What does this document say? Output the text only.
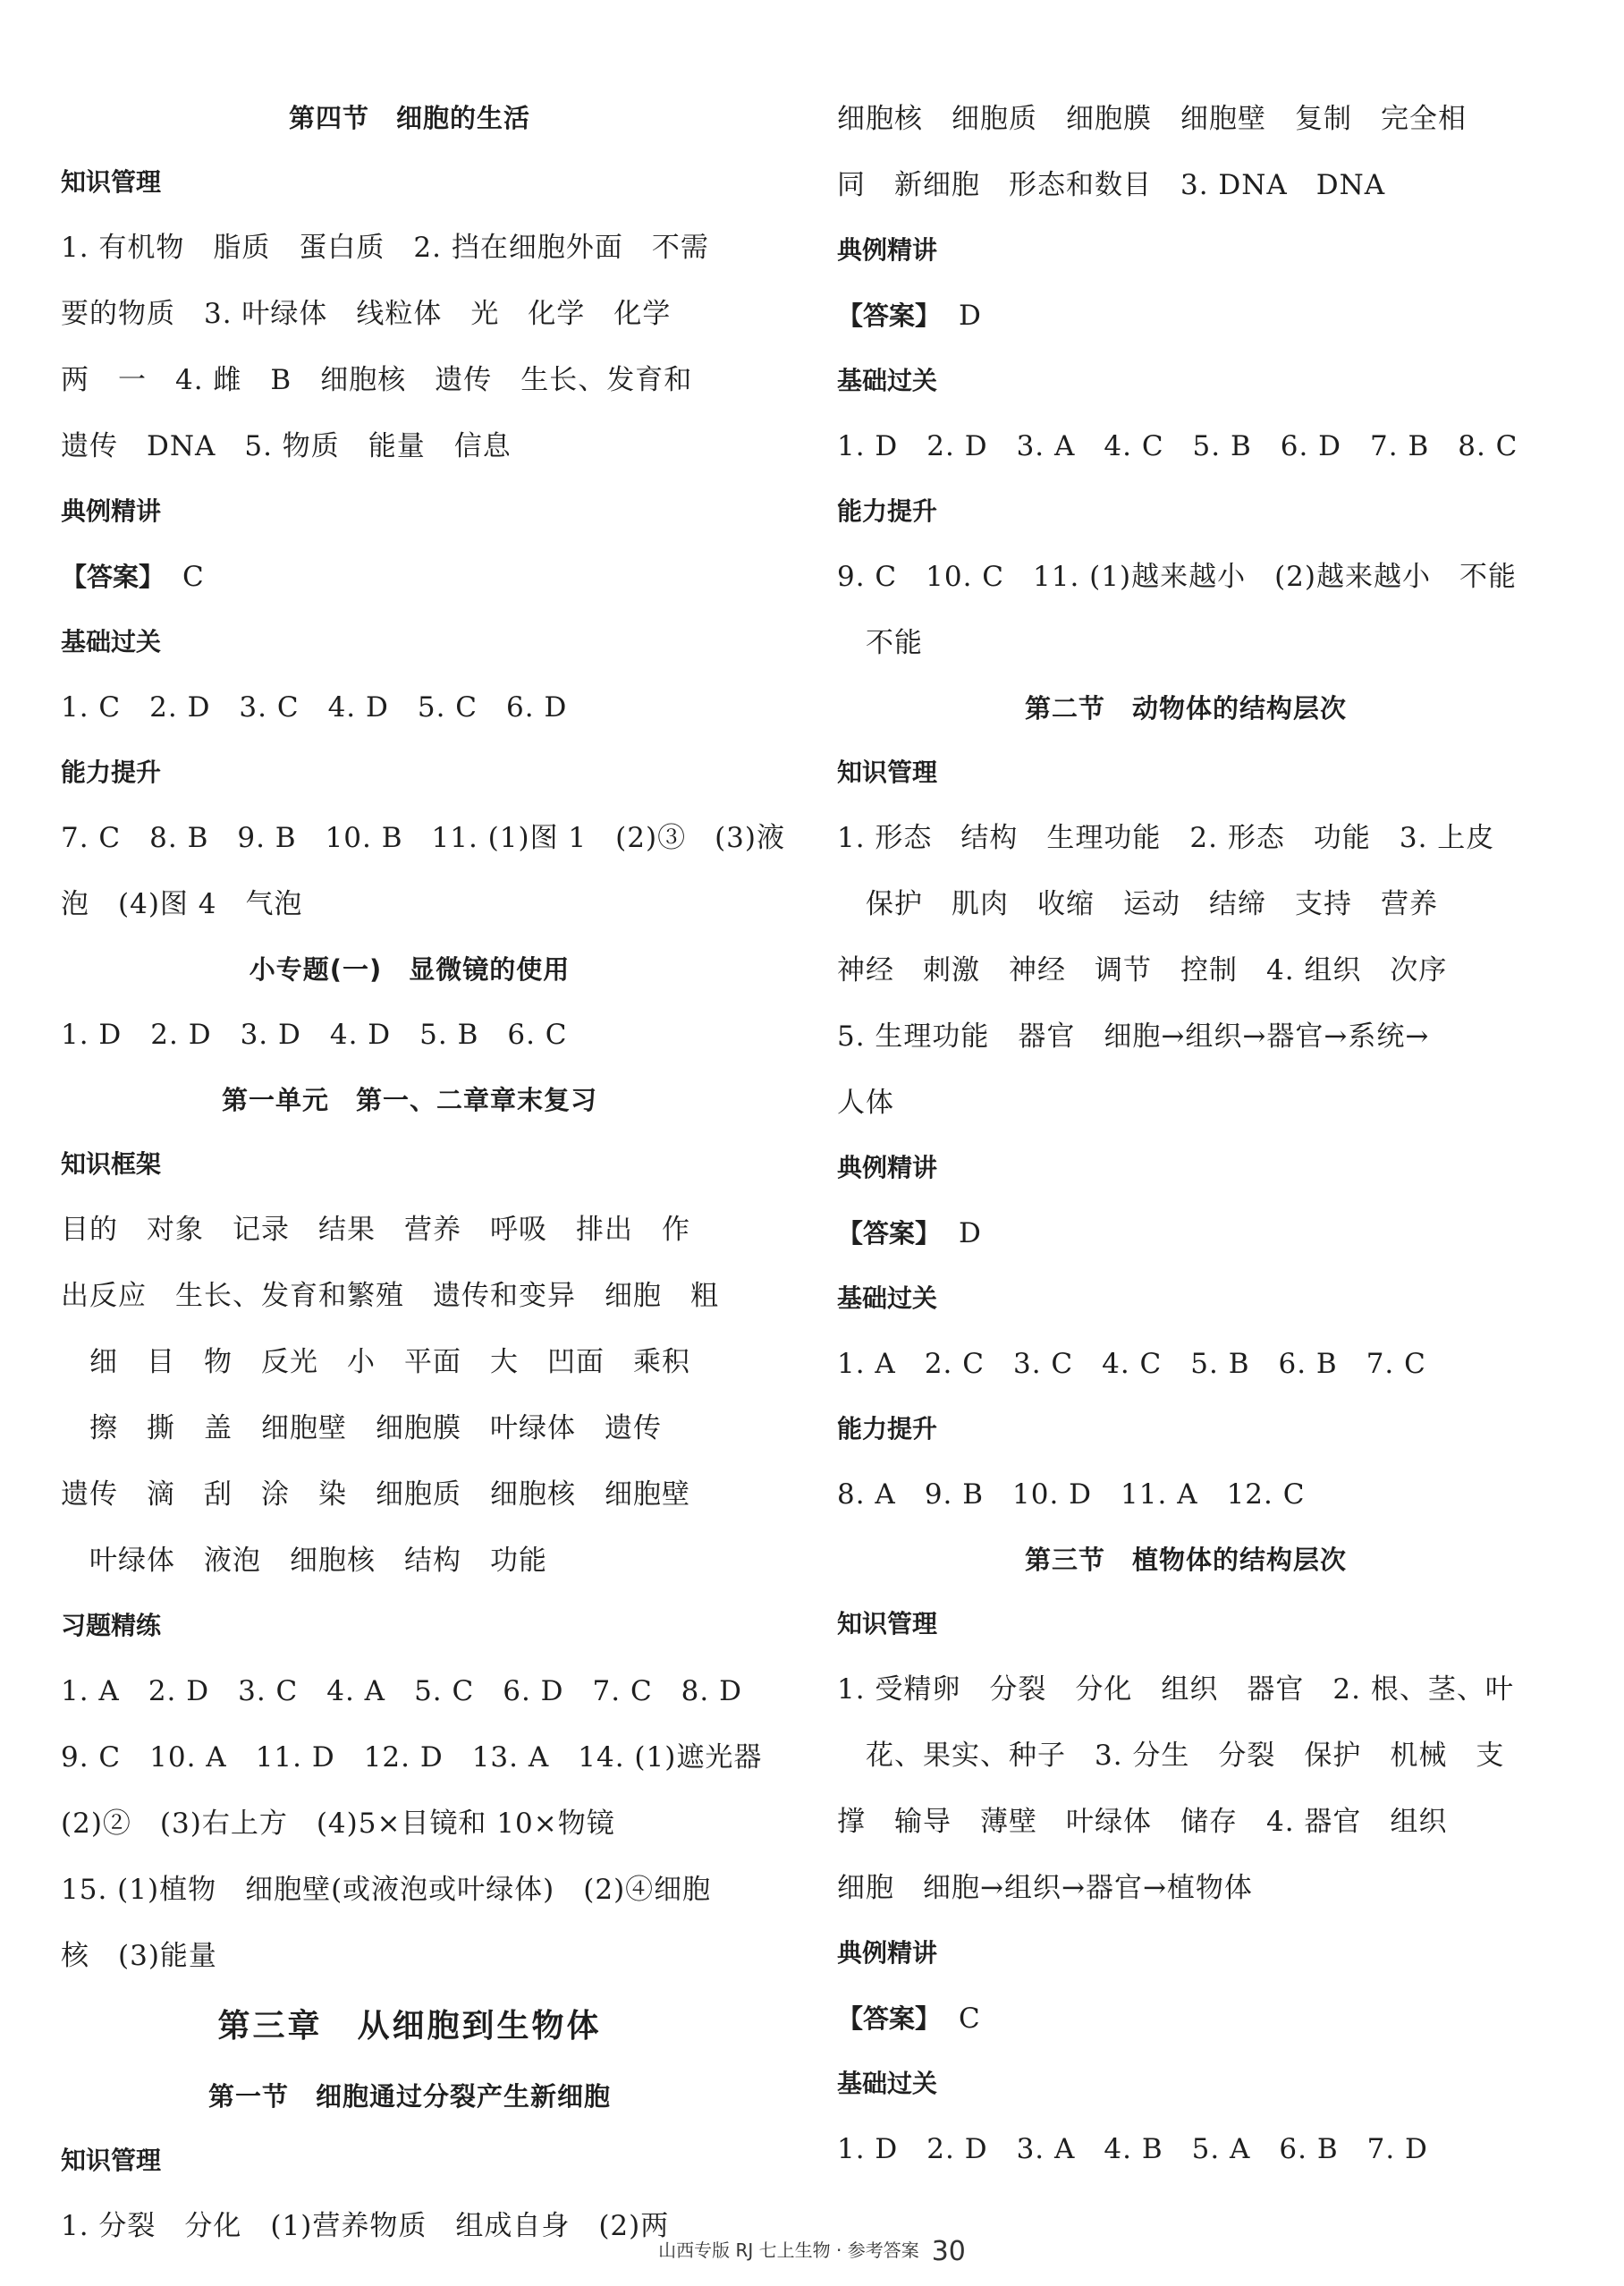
第四节　细胞的生活
知识管理
1. 有机物　脂质　蛋白质　2. 挡在细胞外面　不需
要的物质　3. 叶绿体　线粒体　光　化学　化学
两　一　4. 雌　B　细胞核　遗传　生长、发育和
遗传　DNA　5. 物质　能量　信息
典例精讲
【答案】 C
基础过关
1. C　2. D　3. C　4. D　5. C　6. D
能力提升
7. C　8. B　9. B　10. B　11. (1)图 1　(2)③　(3)液
泡　(4)图 4　气泡
小专题(一)　显微镜的使用
1. D　2. D　3. D　4. D　5. B　6. C
第一单元　第一、二章章末复习
知识框架
目的　对象　记录　结果　营养　呼吸　排出　作
出反应　生长、发育和繁殖　遗传和变异　细胞　粗
　细　目　物　反光　小　平面　大　凹面　乘积
　擦　撕　盖　细胞壁　细胞膜　叶绿体　遗传
遗传　滴　刮　涂　染　细胞质　细胞核　细胞壁
　叶绿体　液泡　细胞核　结构　功能
习题精练
1. A　2. D　3. C　4. A　5. C　6. D　7. C　8. D
9. C　10. A　11. D　12. D　13. A　14. (1)遮光器
(2)②　(3)右上方　(4)5×目镜和 10×物镜
15. (1)植物　细胞壁(或液泡或叶绿体)　(2)④细胞
核　(3)能量
第三章　从细胞到生物体
第一节　细胞通过分裂产生新细胞
知识管理
1. 分裂　分化　(1)营养物质　组成自身　(2)两
细胞核　细胞质　细胞膜　细胞壁　复制　完全相
同　新细胞　形态和数目　3. DNA　DNA
典例精讲
【答案】 D
基础过关
1. D　2. D　3. A　4. C　5. B　6. D　7. B　8. C
能力提升
9. C　10. C　11. (1)越来越小　(2)越来越小　不能
　不能
第二节　动物体的结构层次
知识管理
1. 形态　结构　生理功能　2. 形态　功能　3. 上皮
　保护　肌肉　收缩　运动　结缔　支持　营养
神经　刺激　神经　调节　控制　4. 组织　次序
5. 生理功能　器官　细胞→组织→器官→系统→
人体
典例精讲
【答案】 D
基础过关
1. A　2. C　3. C　4. C　5. B　6. B　7. C
能力提升
8. A　9. B　10. D　11. A　12. C
第三节　植物体的结构层次
知识管理
1. 受精卵　分裂　分化　组织　器官　2. 根、茎、叶
　花、果实、种子　3. 分生　分裂　保护　机械　支
撑　输导　薄壁　叶绿体　储存　4. 器官　组织
细胞　细胞→组织→器官→植物体
典例精讲
【答案】 C
基础过关
1. D　2. D　3. A　4. B　5. A　6. B　7. D
山西专版 RJ 七上生物 · 参考答案 30
